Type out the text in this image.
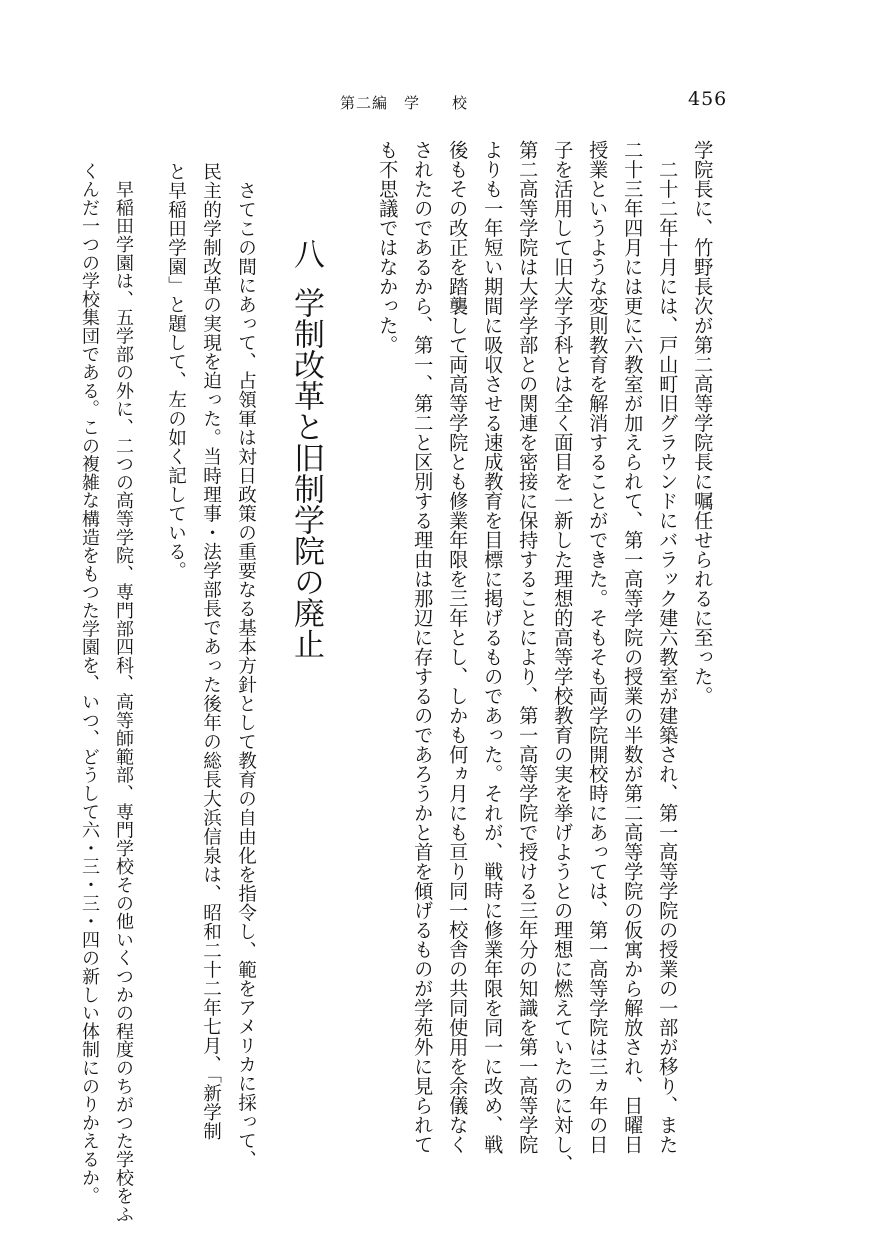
第二編　学　　校	456
学院長に、竹野長次が第二高等学院長に嘱任せられるに至った。
　二十二年十月には、戸山町旧グラウンドにバラック建六教室が建築され、第一高等学院の授業の一部が移り、また
二十三年四月には更に六教室が加えられて、第一高等学院の授業の半数が第二高等学院の仮寓から解放され、日曜日
授業というような変則教育を解消することができた。そもそも両学院開校時にあっては、第一高等学院は三ヵ年の日
子を活用して旧大学予科とは全く面目を一新した理想的高等学校教育の実を挙げようとの理想に燃えていたのに対し、
第二高等学院は大学学部との関連を密接に保持することにより、第一高等学院で授ける三年分の知識を第一高等学院
よりも一年短い期間に吸収させる速成教育を目標に掲げるものであった。それが、戦時に修業年限を同一に改め、戦
後もその改正を踏襲して両高等学院とも修業年限を三年とし、しかも何ヵ月にも亘り同一校舎の共同使用を余儀なく
されたのであるから、第一、第二と区別する理由は那辺に存するのであろうかと首を傾げるものが学苑外に見られて
も不思議ではなかった。
八
学制改革と旧制学院の廃止
　さてこの間にあって、占領軍は対日政策の重要なる基本方針として教育の自由化を指令し、範をアメリカに採って、
民主的学制改革の実現を迫った。当時理事・法学部長であった後年の総長大浜信泉は、昭和二十二年七月、「新学制
と早稲田学園」と題して、左の如く記している。
　早稲田学園は、五学部の外に、二つの高等学院、専門部四科、高等師範部、専門学校その他いくつかの程度のちがつた学校をふ
くんだ一つの学校集団である。この複雑な構造をもつた学園を、いつ、どうして六・三・三・四の新しい体制にのりかえるか。
